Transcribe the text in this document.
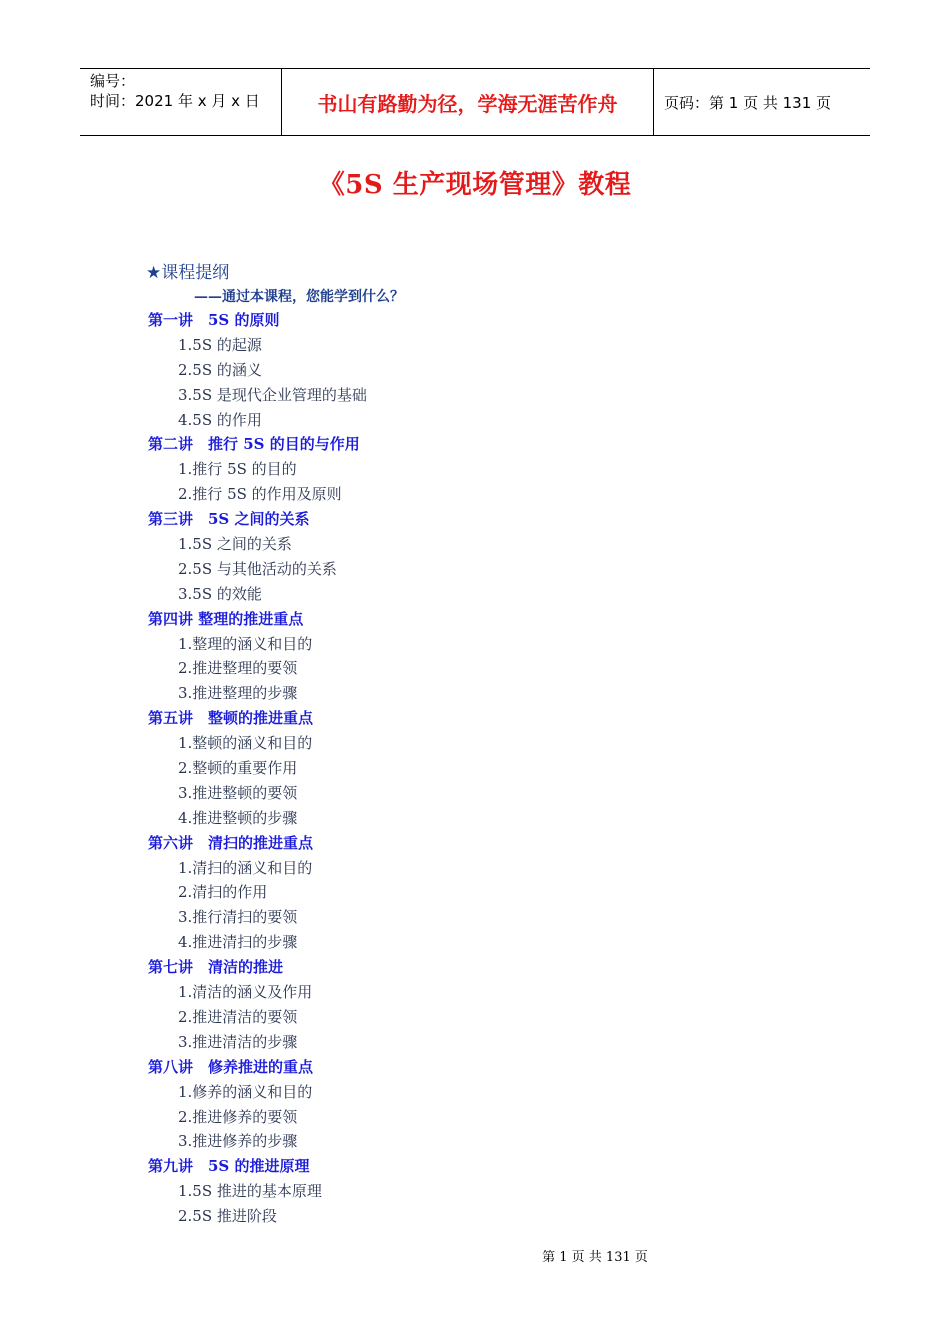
编号：
时间：2021 年 x 月 x 日	书山有路勤为径，学海无涯苦作舟	页码：第 1 页 共 131 页
《5S 生产现场管理》教程
★课程提纲
——通过本课程，您能学到什么？
第一讲　5S 的原则
1.5S 的起源
2.5S 的涵义
3.5S 是现代企业管理的基础
4.5S 的作用
第二讲　推行 5S 的目的与作用
1.推行 5S 的目的
2.推行 5S 的作用及原则
第三讲　5S 之间的关系
1.5S 之间的关系
2.5S 与其他活动的关系
3.5S 的效能
第四讲 整理的推进重点
1.整理的涵义和目的
2.推进整理的要领
3.推进整理的步骤
第五讲　整顿的推进重点
1.整顿的涵义和目的
2.整顿的重要作用
3.推进整顿的要领
4.推进整顿的步骤
第六讲　清扫的推进重点
1.清扫的涵义和目的
2.清扫的作用
3.推行清扫的要领
4.推进清扫的步骤
第七讲　清洁的推进
1.清洁的涵义及作用
2.推进清洁的要领
3.推进清洁的步骤
第八讲　修养推进的重点
1.修养的涵义和目的
2.推进修养的要领
3.推进修养的步骤
第九讲　5S 的推进原理
1.5S 推进的基本原理
2.5S 推进阶段
第 1 页 共 131 页
